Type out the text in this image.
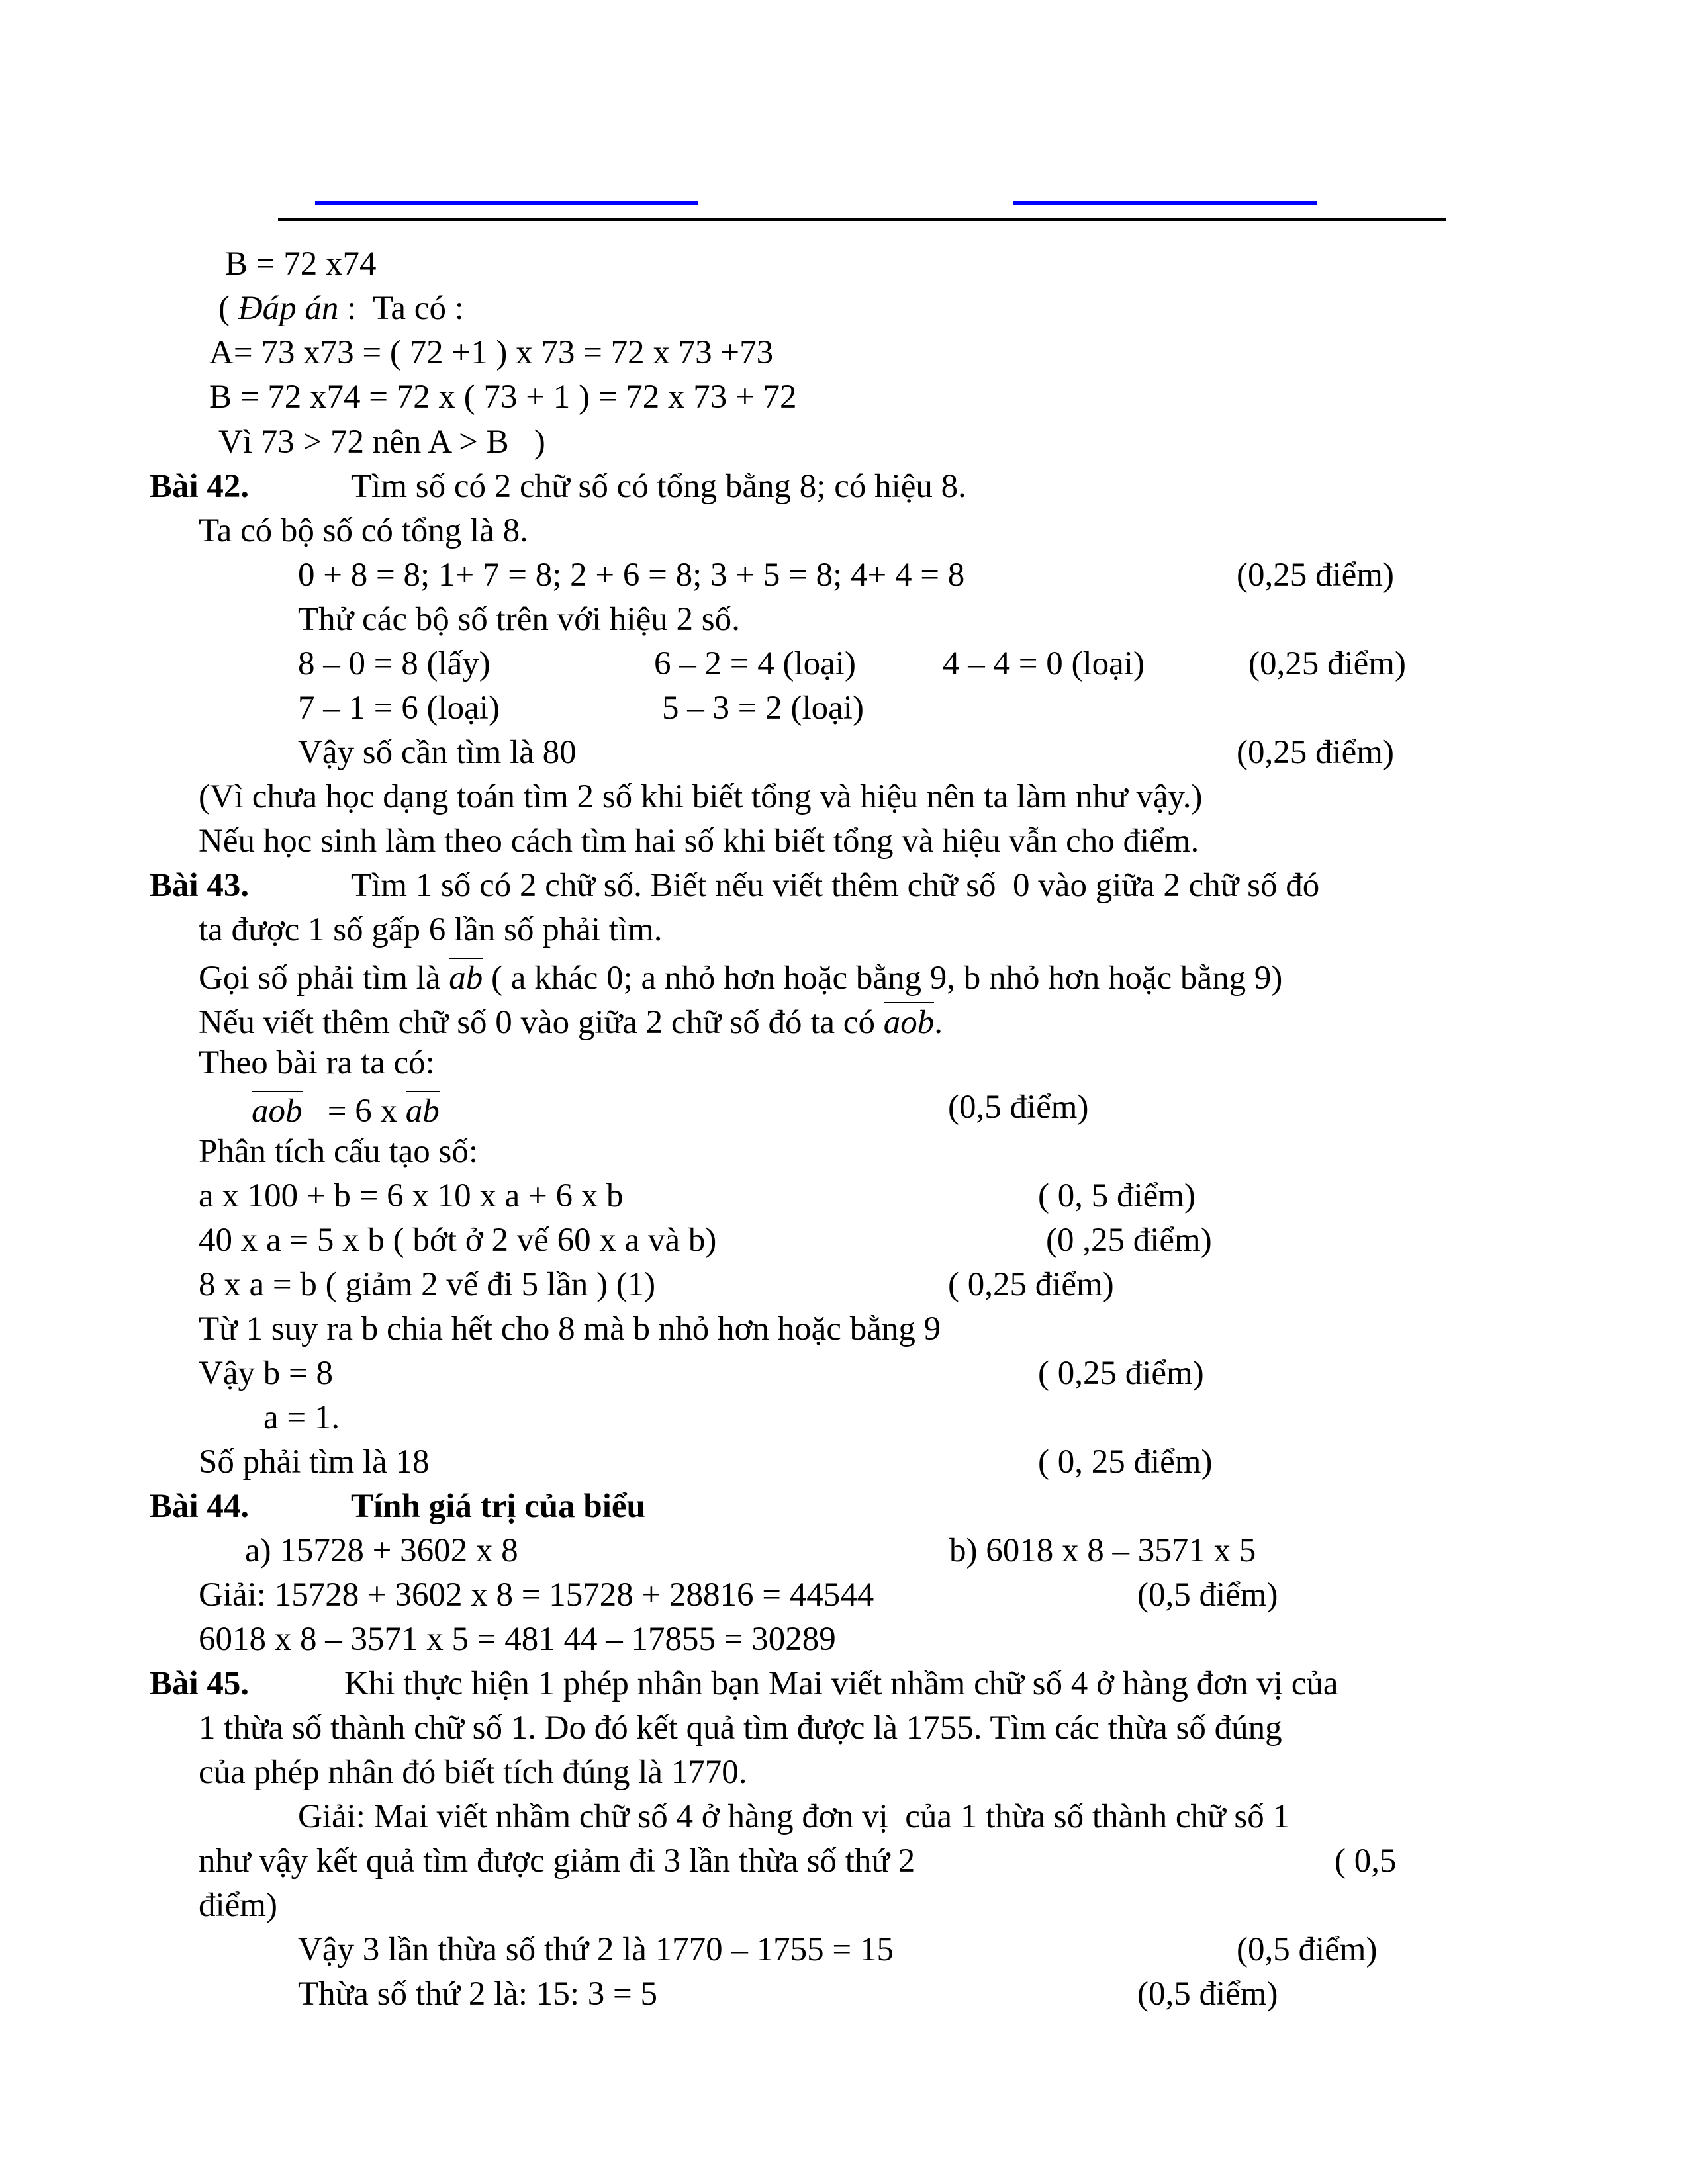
B = 72 x74
( Đáp án :  Ta có :
A= 73 x73 = ( 72 +1 ) x 73 = 72 x 73 +73
B = 72 x74 = 72 x ( 73 + 1 ) = 72 x 73 + 72
Vì 73 > 72 nên A > B   )
Bài 42.	Tìm số có 2 chữ số có tổng bằng 8; có hiệu 8.
Ta có bộ số có tổng là 8.
0 + 8 = 8; 1+ 7 = 8; 2 + 6 = 8; 3 + 5 = 8; 4+ 4 = 8	(0,25 điểm)
Thử các bộ số trên với hiệu 2 số.
8 – 0 = 8 (lấy)	6 – 2 = 4 (loại)	4 – 4 = 0 (loại)	(0,25 điểm)
7 – 1 = 6 (loại)	5 – 3 = 2 (loại)
Vậy số cần tìm là 80	(0,25 điểm)
(Vì chưa học dạng toán tìm 2 số khi biết tổng và hiệu nên ta làm như vậy.)
Nếu học sinh làm theo cách tìm hai số khi biết tổng và hiệu vẫn cho điểm.
Bài 43.	Tìm 1 số có 2 chữ số. Biết nếu viết thêm chữ số  0 vào giữa 2 chữ số đó
ta được 1 số gấp 6 lần số phải tìm.
Gọi số phải tìm là ab ( a khác 0; a nhỏ hơn hoặc bằng 9, b nhỏ hơn hoặc bằng 9)
Nếu viết thêm chữ số 0 vào giữa 2 chữ số đó ta có aob.
Theo bài ra ta có:
aob   = 6 x ab	(0,5 điểm)
Phân tích cấu tạo số:
a x 100 + b = 6 x 10 x a + 6 x b	( 0, 5 điểm)
40 x a = 5 x b ( bớt ở 2 vế 60 x a và b)	(0 ,25 điểm)
8 x a = b ( giảm 2 vế đi 5 lần ) (1)	( 0,25 điểm)
Từ 1 suy ra b chia hết cho 8 mà b nhỏ hơn hoặc bằng 9
Vậy b = 8	( 0,25 điểm)
a = 1.
Số phải tìm là 18	( 0, 25 điểm)
Bài 44.	Tính giá trị của biểu
a) 15728 + 3602 x 8	b) 6018 x 8 – 3571 x 5
Giải: 15728 + 3602 x 8 = 15728 + 28816 = 44544	(0,5 điểm)
6018 x 8 – 3571 x 5 = 481 44 – 17855 = 30289
Bài 45.	Khi thực hiện 1 phép nhân bạn Mai viết nhầm chữ số 4 ở hàng đơn vị của
1 thừa số thành chữ số 1. Do đó kết quả tìm được là 1755. Tìm các thừa số đúng
của phép nhân đó biết tích đúng là 1770.
Giải: Mai viết nhầm chữ số 4 ở hàng đơn vị  của 1 thừa số thành chữ số 1
như vậy kết quả tìm được giảm đi 3 lần thừa số thứ 2	( 0,5
điểm)
Vậy 3 lần thừa số thứ 2 là 1770 – 1755 = 15	(0,5 điểm)
Thừa số thứ 2 là: 15: 3 = 5	(0,5 điểm)
